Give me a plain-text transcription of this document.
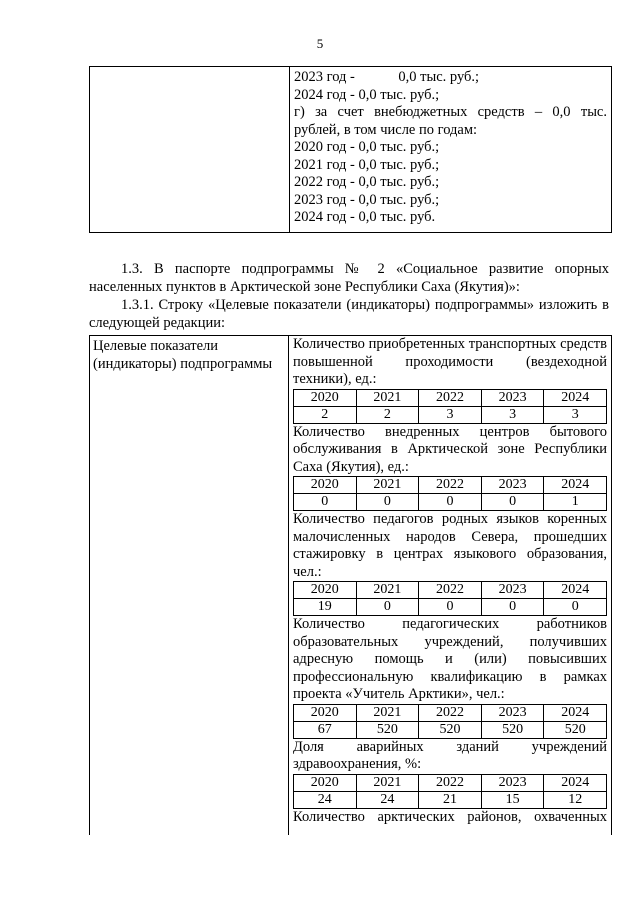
5
2023 год -            0,0 тыс. руб.;
2024 год - 0,0 тыс. руб.;
г) за счет внебюджетных средств – 0,0 тыс.
рублей, в том числе по годам:
2020 год - 0,0 тыс. руб.;
2021 год - 0,0 тыс. руб.;
2022 год - 0,0 тыс. руб.;
2023 год - 0,0 тыс. руб.;
2024 год - 0,0 тыс. руб.
1.3. В паспорте подпрограммы № 2 «Социальное развитие опорных населенных пунктов в Арктической зоне Республики Саха (Якутия)»:
1.3.1. Строку «Целевые показатели (индикаторы) подпрограммы» изложить в следующей редакции:
Целевые показатели (индикаторы) подпрограммы
Количество приобретенных транспортных средств повышенной проходимости (вездеходной техники), ед.:
2020	2021	2022	2023	2024
2	2	3	3	3
Количество внедренных центров бытового обслуживания в Арктической зоне Республики Саха (Якутия), ед.:
2020	2021	2022	2023	2024
0	0	0	0	1
Количество педагогов родных языков коренных малочисленных народов Севера, прошедших стажировку в центрах языкового образования, чел.:
2020	2021	2022	2023	2024
19	0	0	0	0
Количество педагогических работников образовательных учреждений, получивших адресную помощь и (или) повысивших профессиональную квалификацию в рамках проекта «Учитель Арктики», чел.:
2020	2021	2022	2023	2024
67	520	520	520	520
Доля аварийных зданий учреждений здравоохранения, %:
2020	2021	2022	2023	2024
24	24	21	15	12
Количество арктических районов, охваченных
